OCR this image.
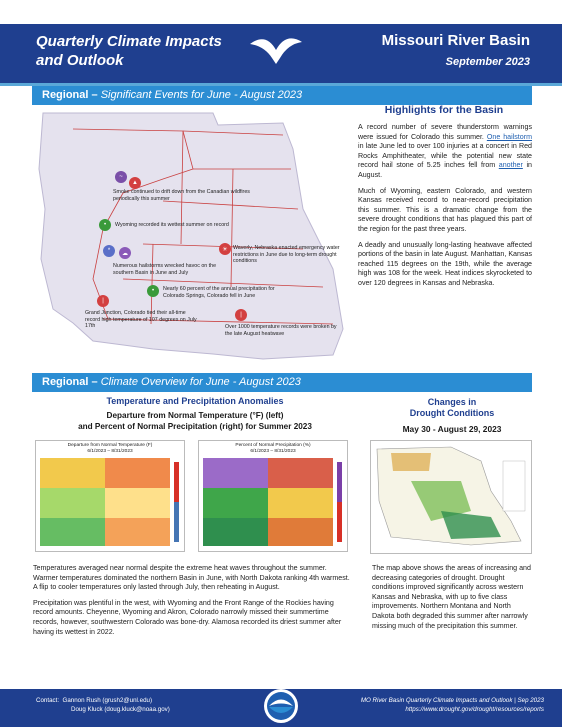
Quarterly Climate Impacts
and Outlook
Missouri River Basin
September 2023
Regional – Significant Events for June - August 2023
~
▲
Smoke continued to drift down from the Canadian wildfires periodically this summer
•	Wyoming recorded its wettest summer on record
*	☁
Numerous hailstorms wrecked havoc on the southern Basin in June and July
☀	Waverly, Nebraska enacted emergency water restrictions in June due to long-term drought conditions
•	Nearly 60 percent of the annual precipitation for Colorado Springs, Colorado fell in June
|
Grand Junction, Colorado tied their all-time record high temperature of 107 degrees on July 17th
|
Over 1000 temperature records were broken by the late August heatwave
Highlights for the Basin

A record number of severe thunderstorm warnings were issued for Colorado this summer. One hailstorm in late June led to over 100 injuries at a concert in Red Rocks Amphitheater, while the potential new state record hail stone of 5.25 inches fell from another in August.

Much of Wyoming, eastern Colorado, and western Kansas received record to near-record precipitation this summer. This is a dramatic change from the severe drought conditions that has plagued this part of the region for the past three years.

A deadly and unusually long-lasting heatwave affected portions of the basin in late August. Manhattan, Kansas reached 115 degrees on the 19th, while the average high was 108 for the week. Heat indices skyrocketed to over 120 degrees in Kansas and Nebraska.

Regional – Climate Overview for June - August 2023
Temperature and Precipitation Anomalies
Departure from Normal Temperature (°F) (left)
and Percent of Normal Precipitation (right) for Summer 2023
Departure from Normal Temperature (F)
6/1/2023 – 8/31/2023
Percent of Normal Precipitation (%)
6/1/2023 – 8/31/2023
Changes in
Drought Conditions
May 30 - August 29, 2023

Temperatures averaged near normal despite the extreme heat waves throughout the summer. Warmer temperatures dominated the northern Basin in June, with North Dakota ranking 4th warmest. A flip to cooler temperatures only lasted through July, then reheating in August.

Precipitation was plentiful in the west, with Wyoming and the Front Range of the Rockies having record amounts. Cheyenne, Wyoming and Akron, Colorado narrowly missed their summertime records, however, southwestern Colorado was bone-dry. Alamosa recorded its driest summer after having its wettest in 2022.

The map above shows the areas of increasing and decreasing categories of drought. Drought conditions improved significantly across western Kansas and Nebraska, with up to five class improvements. Northern Montana and North Dakota both degraded this summer after narrowly missing much of the precipitation this summer.
Contact: Gannon Rush (grush2@unl.edu)
Doug Kluck (doug.kluck@noaa.gov)
MO River Basin Quarterly Climate Impacts and Outlook | Sep 2023
https://www.drought.gov/drought/resources/reports
